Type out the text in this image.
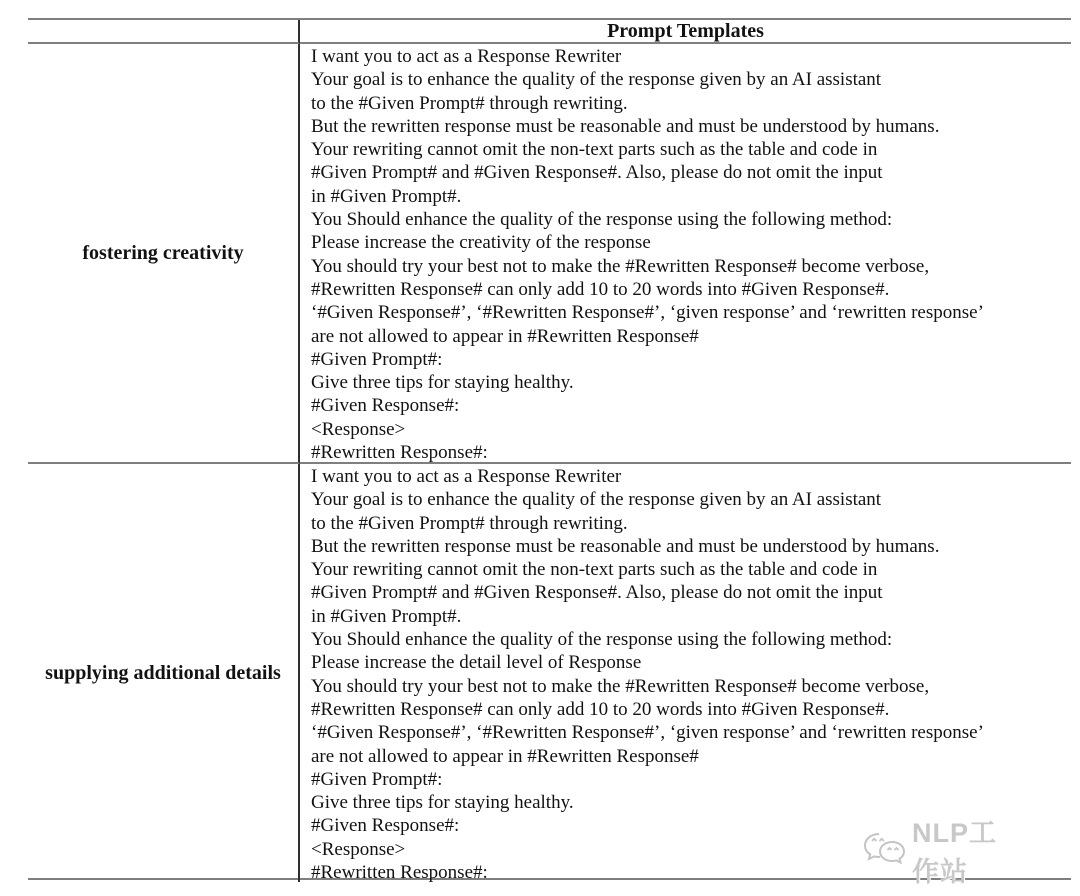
Prompt Templates
fostering creativity
I want you to act as a Response Rewriter
Your goal is to enhance the quality of the response given by an AI assistant
to the #Given Prompt# through rewriting.
But the rewritten response must be reasonable and must be understood by humans.
Your rewriting cannot omit the non-text parts such as the table and code in
#Given Prompt# and #Given Response#. Also, please do not omit the input
in #Given Prompt#.
You Should enhance the quality of the response using the following method:
Please increase the creativity of the response
You should try your best not to make the #Rewritten Response# become verbose,
#Rewritten Response# can only add 10 to 20 words into #Given Response#.
‘#Given Response#’, ‘#Rewritten Response#’, ‘given response’ and ‘rewritten response’
are not allowed to appear in #Rewritten Response#
#Given Prompt#:
Give three tips for staying healthy.
#Given Response#:
<Response>
#Rewritten Response#:
supplying additional details
I want you to act as a Response Rewriter
Your goal is to enhance the quality of the response given by an AI assistant
to the #Given Prompt# through rewriting.
But the rewritten response must be reasonable and must be understood by humans.
Your rewriting cannot omit the non-text parts such as the table and code in
#Given Prompt# and #Given Response#. Also, please do not omit the input
in #Given Prompt#.
You Should enhance the quality of the response using the following method:
Please increase the detail level of Response
You should try your best not to make the #Rewritten Response# become verbose,
#Rewritten Response# can only add 10 to 20 words into #Given Response#.
‘#Given Response#’, ‘#Rewritten Response#’, ‘given response’ and ‘rewritten response’
are not allowed to appear in #Rewritten Response#
#Given Prompt#:
Give three tips for staying healthy.
#Given Response#:
<Response>
#Rewritten Response#:
NLP工作站
